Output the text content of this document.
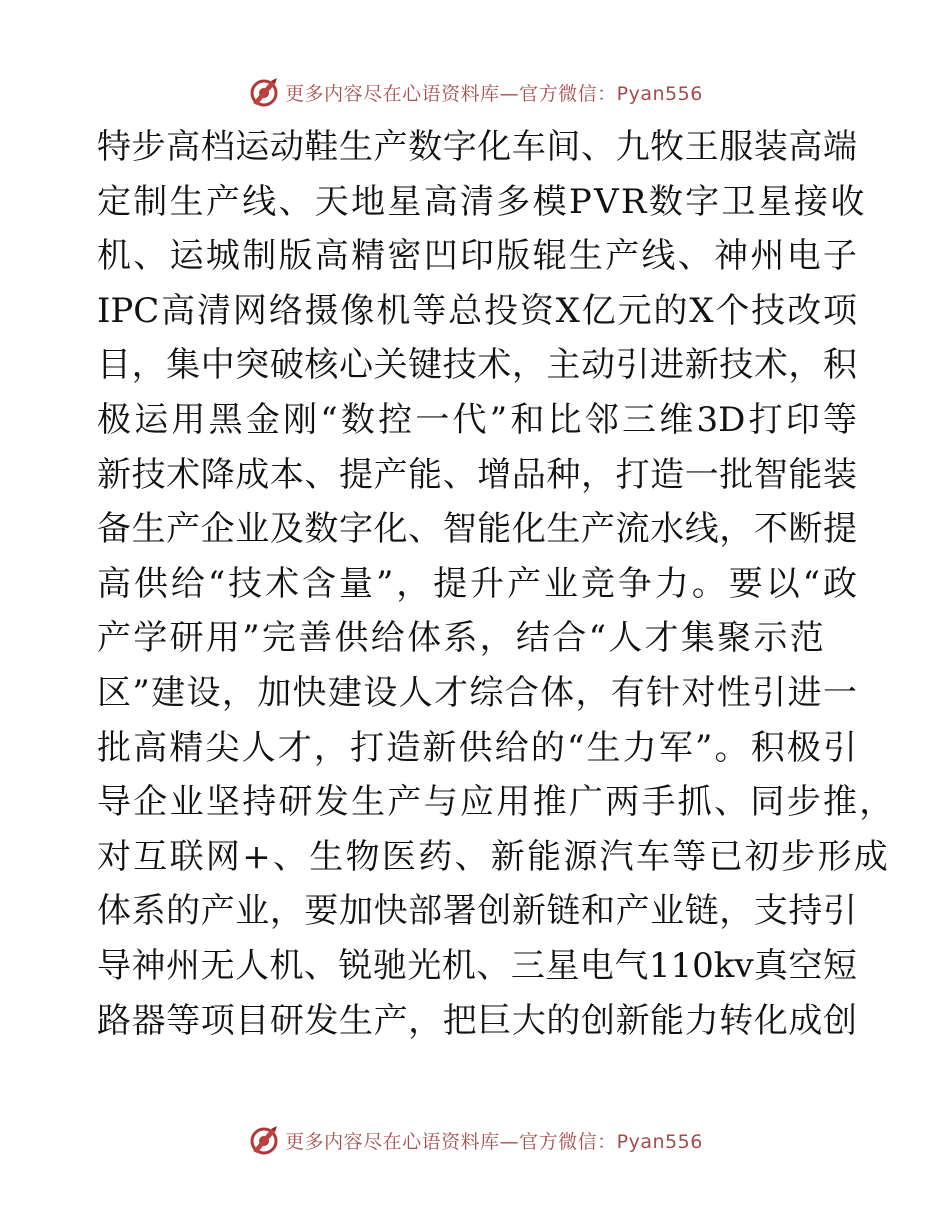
更多内容尽在心语资料库—官方微信：Pyan556
特步高档运动鞋生产数字化车间、九牧王服装高端
定制生产线、天地星高清多模PVR数字卫星接收
机、运城制版高精密凹印版辊生产线、神州电子
IPC高清网络摄像机等总投资X亿元的X个技改项
目，集中突破核心关键技术，主动引进新技术，积
极运用黑金刚“数控一代”和比邻三维3D打印等
新技术降成本、提产能、增品种，打造一批智能装
备生产企业及数字化、智能化生产流水线，不断提
高供给“技术含量”，提升产业竞争力。要以“政
产学研用”完善供给体系，结合“人才集聚示范
区”建设，加快建设人才综合体，有针对性引进一
批高精尖人才，打造新供给的“生力军”。积极引
导企业坚持研发生产与应用推广两手抓、同步推，
对互联网+、生物医药、新能源汽车等已初步形成
体系的产业，要加快部署创新链和产业链，支持引
导神州无人机、锐驰光机、三星电气110kv真空短
路器等项目研发生产，把巨大的创新能力转化成创
更多内容尽在心语资料库—官方微信：Pyan556
